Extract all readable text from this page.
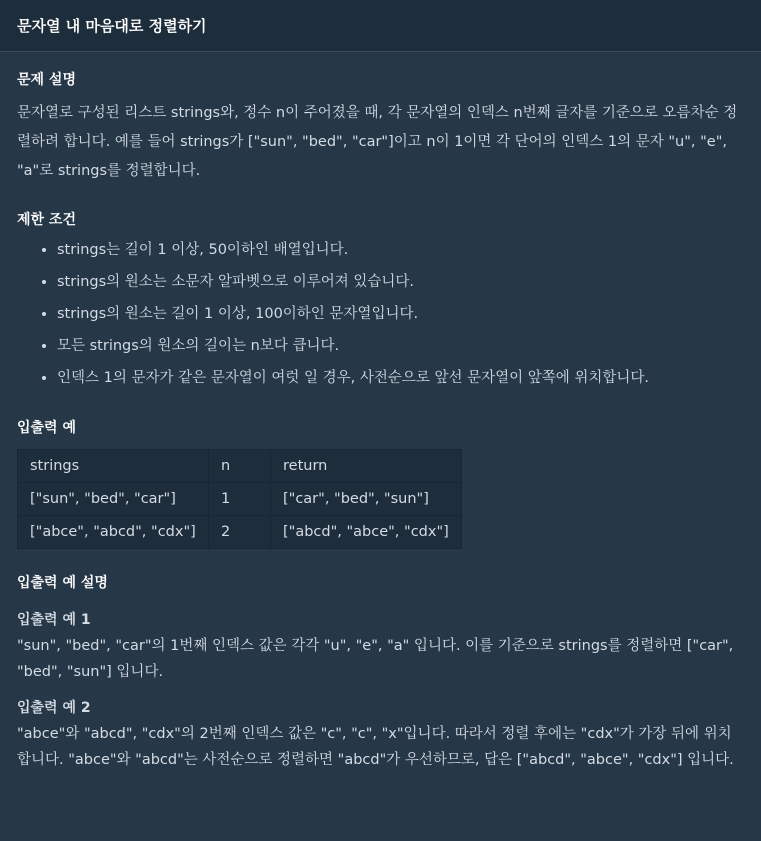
문자열 내 마음대로 정렬하기
문제 설명

문자열로 구성된 리스트 strings와, 정수 n이 주어졌을 때, 각 문자열의 인덱스 n번째 글자를 기준으로 오름차순 정렬하려 합니다. 예를 들어 strings가 ["sun", "bed", "car"]이고 n이 1이면 각 단어의 인덱스 1의 문자 "u", "e", "a"로 strings를 정렬합니다.

제한 조건
• strings는 길이 1 이상, 50이하인 배열입니다.
• strings의 원소는 소문자 알파벳으로 이루어져 있습니다.
• strings의 원소는 길이 1 이상, 100이하인 문자열입니다.
• 모든 strings의 원소의 길이는 n보다 큽니다.
• 인덱스 1의 문자가 같은 문자열이 여럿 일 경우, 사전순으로 앞선 문자열이 앞쪽에 위치합니다.
입출력 예
strings	n	return
["sun", "bed", "car"]	1	["car", "bed", "sun"]
["abce", "abcd", "cdx"]	2	["abcd", "abce", "cdx"]
입출력 예 설명

입출력 예 1

"sun", "bed", "car"의 1번째 인덱스 값은 각각 "u", "e", "a" 입니다. 이를 기준으로 strings를 정렬하면 ["car", "bed", "sun"] 입니다.

입출력 예 2

"abce"와 "abcd", "cdx"의 2번째 인덱스 값은 "c", "c", "x"입니다. 따라서 정렬 후에는 "cdx"가 가장 뒤에 위치합니다. "abce"와 "abcd"는 사전순으로 정렬하면 "abcd"가 우선하므로, 답은 ["abcd", "abce", "cdx"] 입니다.
